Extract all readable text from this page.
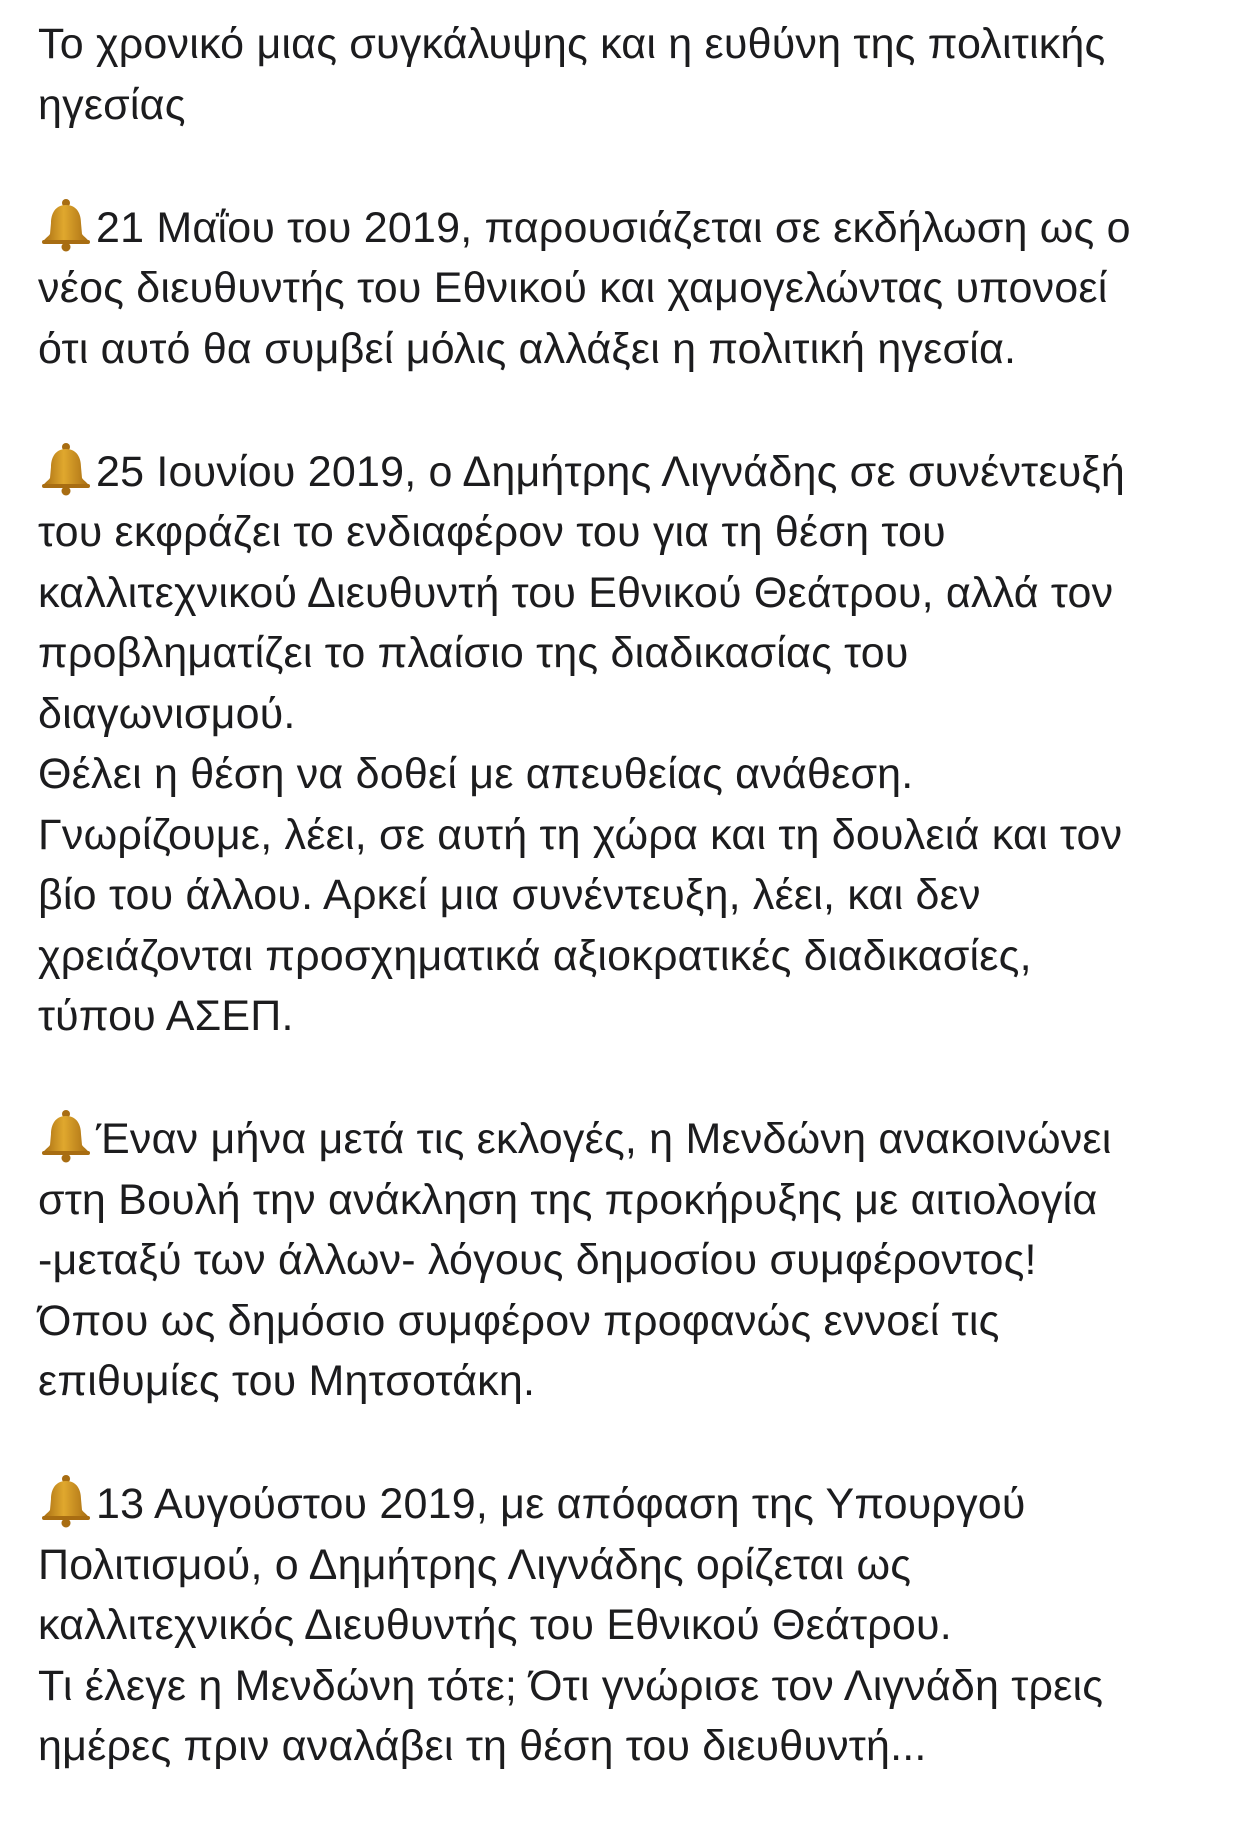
Το χρονικό μιας συγκάλυψης και η ευθύνη της πολιτικής
ηγεσίας
21 Μαΐου του 2019, παρουσιάζεται σε εκδήλωση ως ο
νέος διευθυντής του Εθνικού και χαμογελώντας υπονοεί
ότι αυτό θα συμβεί μόλις αλλάξει η πολιτική ηγεσία.
25 Ιουνίου 2019, ο Δημήτρης Λιγνάδης σε συνέντευξή
του εκφράζει το ενδιαφέρον του για τη θέση του
καλλιτεχνικού Διευθυντή του Εθνικού Θεάτρου, αλλά τον
προβληματίζει το πλαίσιο της διαδικασίας του
διαγωνισμού.
Θέλει η θέση να δοθεί με απευθείας ανάθεση.
Γνωρίζουμε, λέει, σε αυτή τη χώρα και τη δουλειά και τον
βίο του άλλου. Αρκεί μια συνέντευξη, λέει, και δεν
χρειάζονται προσχηματικά αξιοκρατικές διαδικασίες,
τύπου ΑΣΕΠ.
Έναν μήνα μετά τις εκλογές, η Μενδώνη ανακοινώνει
στη Βουλή την ανάκληση της προκήρυξης με αιτιολογία
-μεταξύ των άλλων- λόγους δημοσίου συμφέροντος!
Όπου ως δημόσιο συμφέρον προφανώς εννοεί τις
επιθυμίες του Μητσοτάκη.
13 Αυγούστου 2019, με απόφαση της Υπουργού
Πολιτισμού, ο Δημήτρης Λιγνάδης ορίζεται ως
καλλιτεχνικός Διευθυντής του Εθνικού Θεάτρου.
Τι έλεγε η Μενδώνη τότε; Ότι γνώρισε τον Λιγνάδη τρεις
ημέρες πριν αναλάβει τη θέση του διευθυντή...
